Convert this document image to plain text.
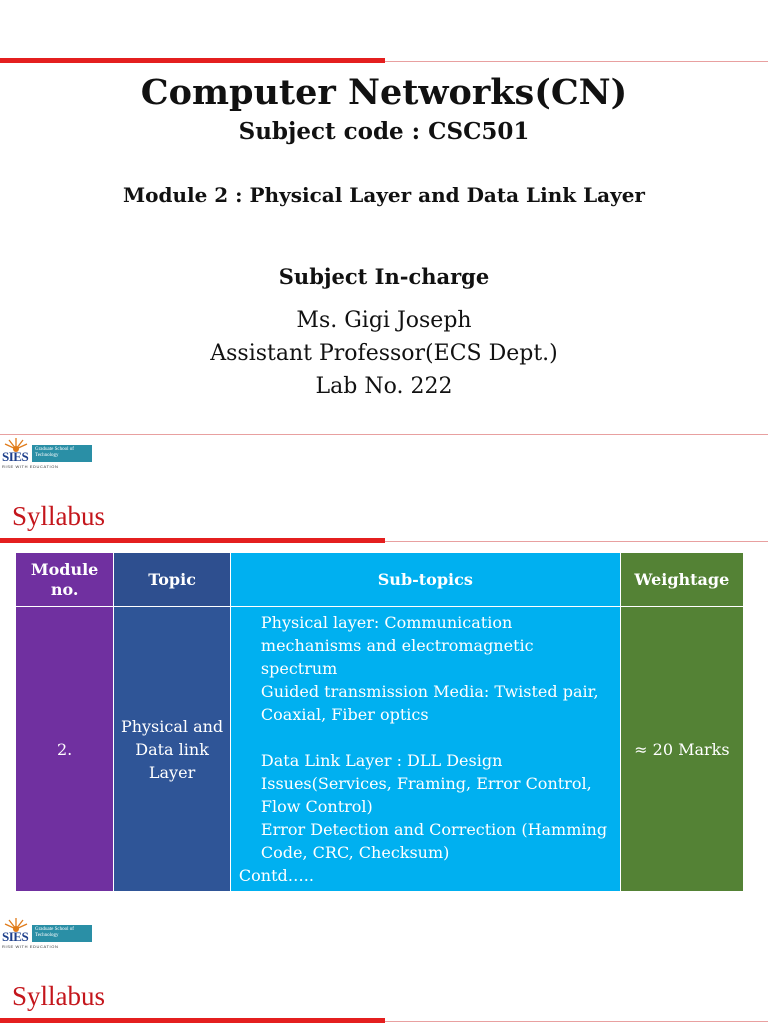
Computer Networks(CN)
Subject code : CSC501
Module 2 : Physical Layer and Data Link Layer
Subject In-charge
Ms. Gigi Joseph
Assistant Professor(ECS Dept.)
Lab No. 222
SIES	Graduate School of Technology
RISE WITH EDUCATION
Syllabus
Module no.	Topic	Sub-topics	Weightage
2.	Physical and Data link Layer	Physical layer: Communication mechanisms and electromagnetic spectrum
Guided transmission Media: Twisted pair, Coaxial, Fiber optics
Data Link Layer : DLL Design Issues(Services, Framing, Error Control, Flow Control)
Error Detection and Correction (Hamming Code, CRC, Checksum)
Contd…..	≈ 20 Marks
SIES	Graduate School of Technology
RISE WITH EDUCATION
Syllabus
